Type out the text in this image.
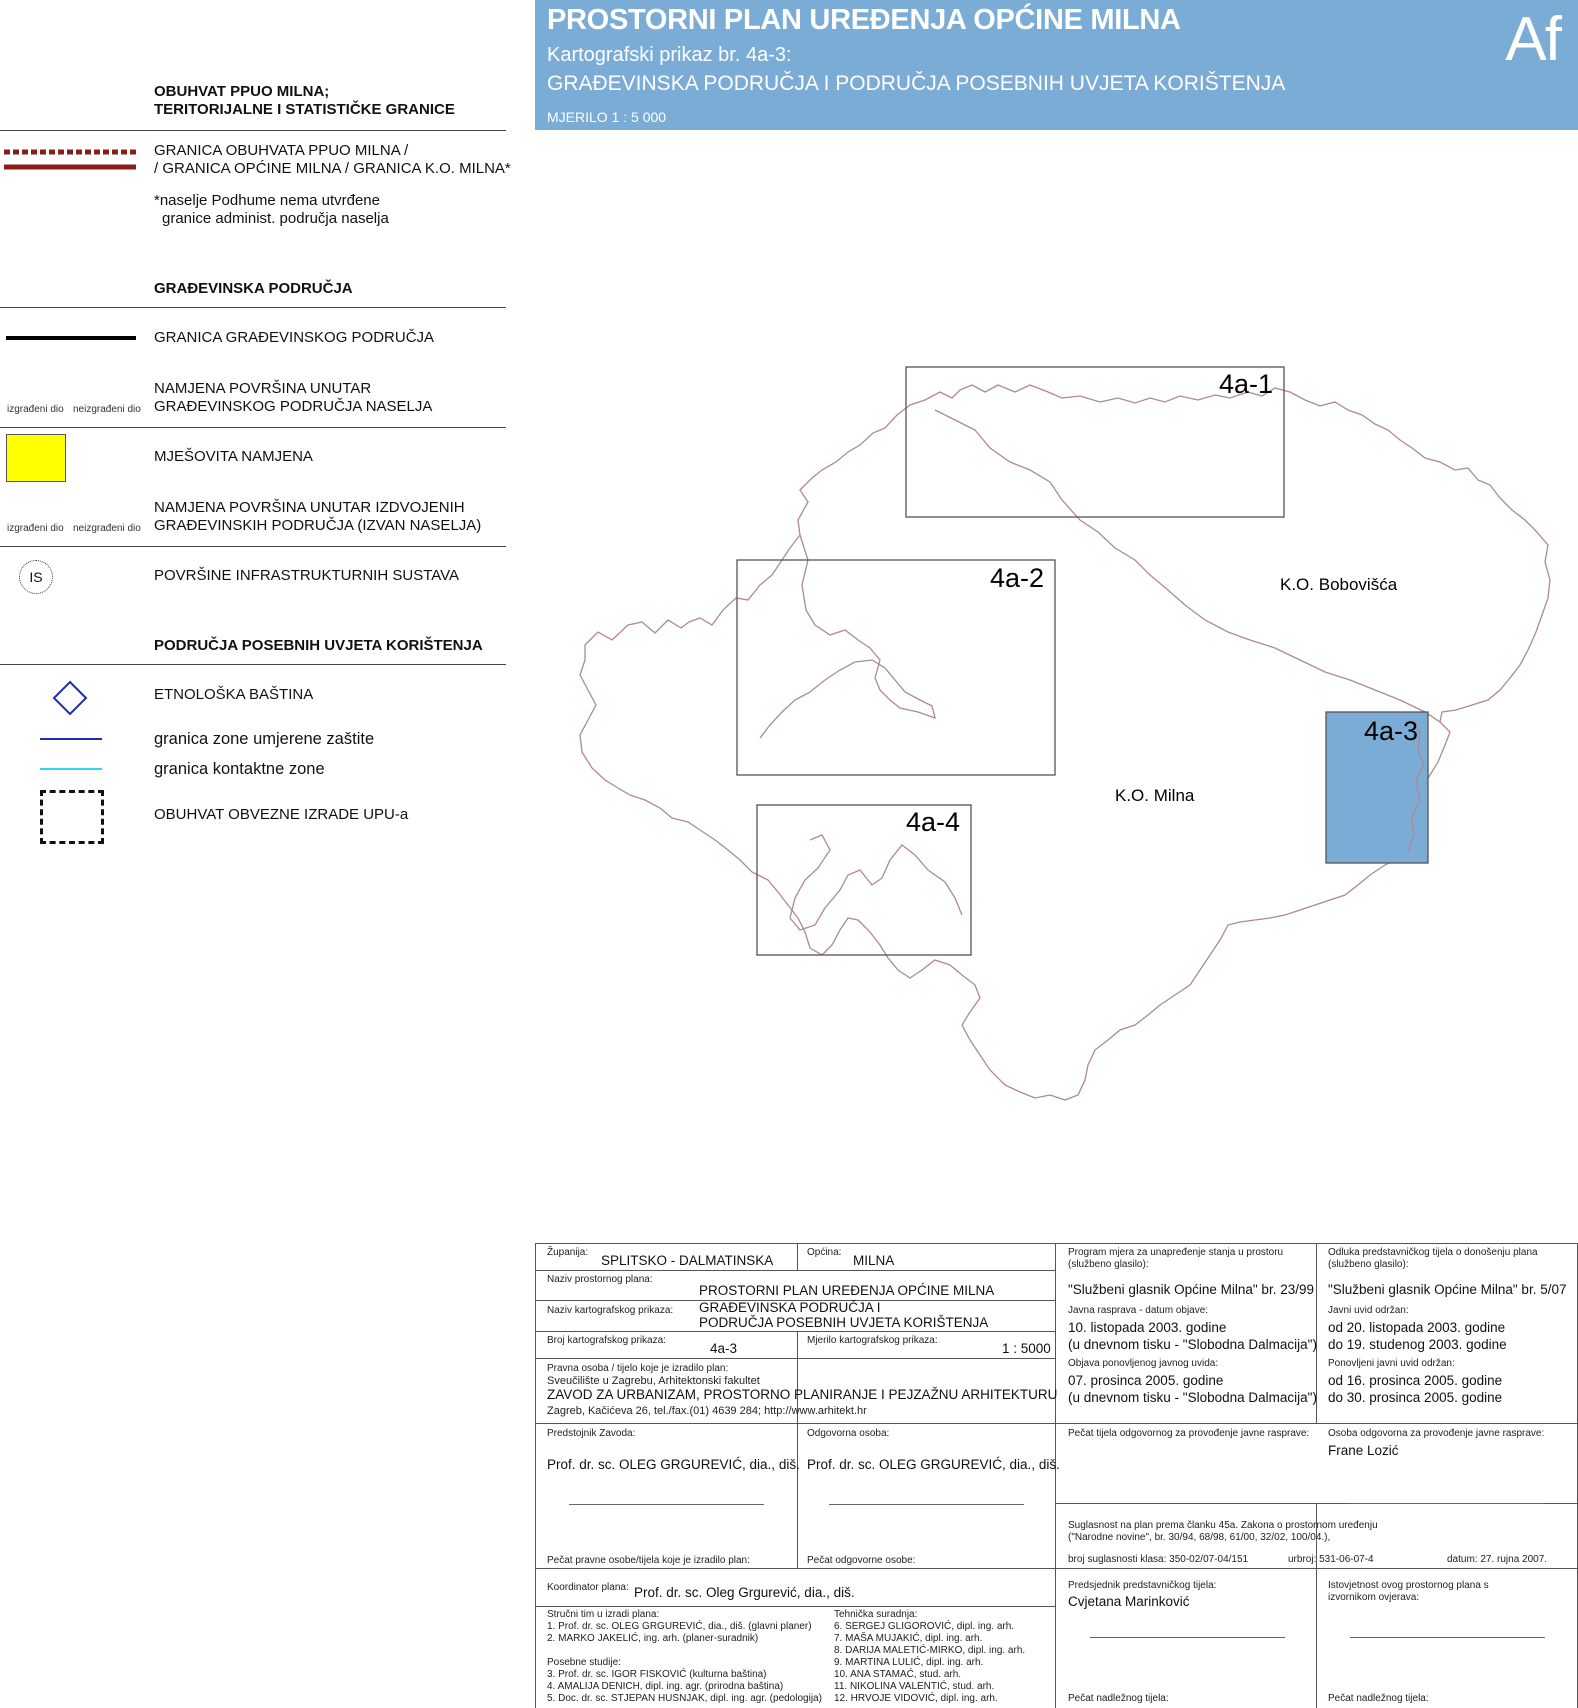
PROSTORNI PLAN UREĐENJA OPĆINE MILNA
Kartografski prikaz br. 4a-3:
GRAĐEVINSKA PODRUČJA I PODRUČJA POSEBNIH UVJETA KORIŠTENJA
MJERILO 1 : 5 000
Af
OBUHVAT PPUO MILNA;
TERITORIJALNE I STATISTIČKE GRANICE
GRANICA OBUHVATA PPUO MILNA /
/ GRANICA OPĆINE MILNA / GRANICA K.O. MILNA*
*naselje Podhume nema utvrđene
granice administ. područja naselja
GRAĐEVINSKA PODRUČJA
GRANICA GRAĐEVINSKOG PODRUČJA
izgrađeni dio neizgrađeni dio
NAMJENA POVRŠINA UNUTAR
GRAĐEVINSKOG PODRUČJA NASELJA
MJEŠOVITA NAMJENA
izgrađeni dio neizgrađeni dio
NAMJENA POVRŠINA UNUTAR IZDVOJENIH
GRAĐEVINSKIH PODRUČJA (IZVAN NASELJA)
IS	POVRŠINE INFRASTRUKTURNIH SUSTAVA
PODRUČJA POSEBNIH UVJETA KORIŠTENJA
ETNOLOŠKA BAŠTINA
granica zone umjerene zaštite
granica kontaktne zone
OBUHVAT OBVEZNE IZRADE UPU-a
4a-1
4a-2
4a-3
4a-4
K.O. Bobovišća
K.O. Milna
Županija:
SPLITSKO - DALMATINSKA
Općina:
MILNA
Naziv prostornog plana:
PROSTORNI PLAN UREĐENJA OPĆINE MILNA
Naziv kartografskog prikaza: GRAĐEVINSKA PODRUČJA I
PODRUČJA POSEBNIH UVJETA KORIŠTENJA
Broj kartografskog prikaza:
4a-3
Mjerilo kartografskog prikaza:
1 : 5000
Pravna osoba / tijelo koje je izradilo plan:
Sveučilište u Zagrebu, Arhitektonski fakultet
ZAVOD ZA URBANIZAM, PROSTORNO PLANIRANJE I PEJZAŽNU ARHITEKTURU
Zagreb, Kačićeva 26, tel./fax.(01) 4639 284; http://www.arhitekt.hr
Predstojnik Zavoda:
Prof. dr. sc. OLEG GRGUREVIĆ, dia., diš.
Odgovorna osoba:
Prof. dr. sc. OLEG GRGUREVIĆ, dia., diš.
Pečat pravne osobe/tijela koje je izradilo plan:	Pečat odgovorne osobe:
Koordinator plana: Prof. dr. sc. Oleg Grgurević, dia., diš.
Stručni tim u izradi plana:
1. Prof. dr. sc. OLEG GRGUREVIĆ, dia., diš. (glavni planer)
2. MARKO JAKELIĆ, ing. arh. (planer-suradnik)
Posebne studije:
3. Prof. dr. sc. IGOR FISKOVIĆ (kulturna baština)
4. AMALIJA DENICH, dipl. ing. agr. (prirodna baština)
5. Doc. dr. sc. STJEPAN HUSNJAK, dipl. ing. agr. (pedologija)
Tehnička suradnja:
6. SERGEJ GLIGOROVIĆ, dipl. ing. arh.
7. MAŠA MUJAKIĆ, dipl. ing. arh.
8. DARIJA MALETIĆ-MIRKO, dipl. ing. arh.
9. MARTINA LULIĆ, dipl. ing. arh.
10. ANA STAMAĆ, stud. arh.
11. NIKOLINA VALENTIĆ, stud. arh.
12. HRVOJE VIDOVIĆ, dipl. ing. arh.
Program mjera za unapređenje stanja u prostoru
(službeno glasilo):
"Službeni glasnik Općine Milna" br. 23/99
Odluka predstavničkog tijela o donošenju plana
(službeno glasilo):
"Službeni glasnik Općine Milna" br. 5/07
Javna rasprava - datum objave:
10. listopada 2003. godine
(u dnevnom tisku - "Slobodna Dalmacija")
Javni uvid održan:
od 20. listopada 2003. godine
do 19. studenog 2003. godine
Objava ponovljenog javnog uvida:
07. prosinca 2005. godine
(u dnevnom tisku - "Slobodna Dalmacija")
Ponovljeni javni uvid održan:
od 16. prosinca 2005. godine
do 30. prosinca 2005. godine
Pečat tijela odgovornog za provođenje javne rasprave: Osoba odgovorna za provođenje javne rasprave:
Frane Lozić
Suglasnost na plan prema članku 45a. Zakona o prostornom uređenju
("Narodne novine", br. 30/94, 68/98, 61/00, 32/02, 100/04.),
broj suglasnosti klasa: 350-02/07-04/151	urbroj: 531-06-07-4	datum: 27. rujna 2007.
Predsjednik predstavničkog tijela:
Cvjetana Marinković
Istovjetnost ovog prostornog plana s
izvornikom ovjerava:
Pečat nadležnog tijela:	Pečat nadležnog tijela:
